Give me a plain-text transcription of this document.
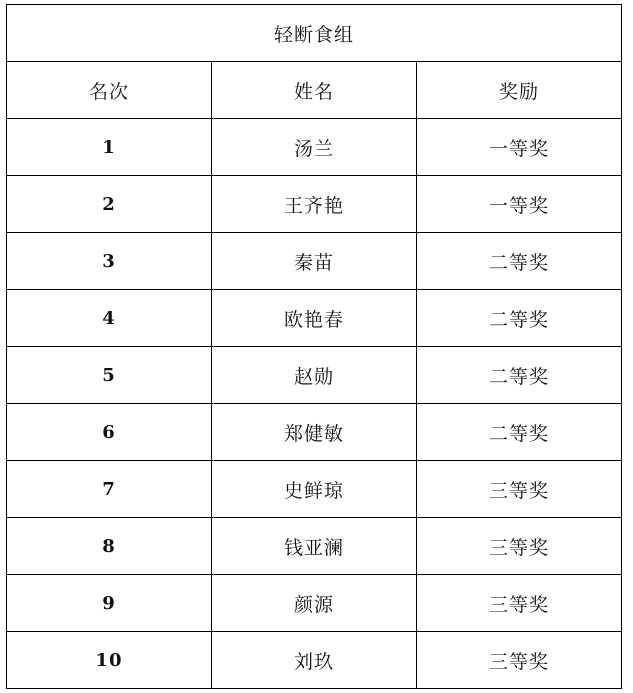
轻断食组		
名次	姓名	奖励
1	汤兰	一等奖
2	王齐艳	一等奖
3	秦苗	二等奖
4	欧艳春	二等奖
5	赵勋	二等奖
6	郑健敏	二等奖
7	史鲜琼	三等奖
8	钱亚澜	三等奖
9	颜源	三等奖
10	刘玖	三等奖
